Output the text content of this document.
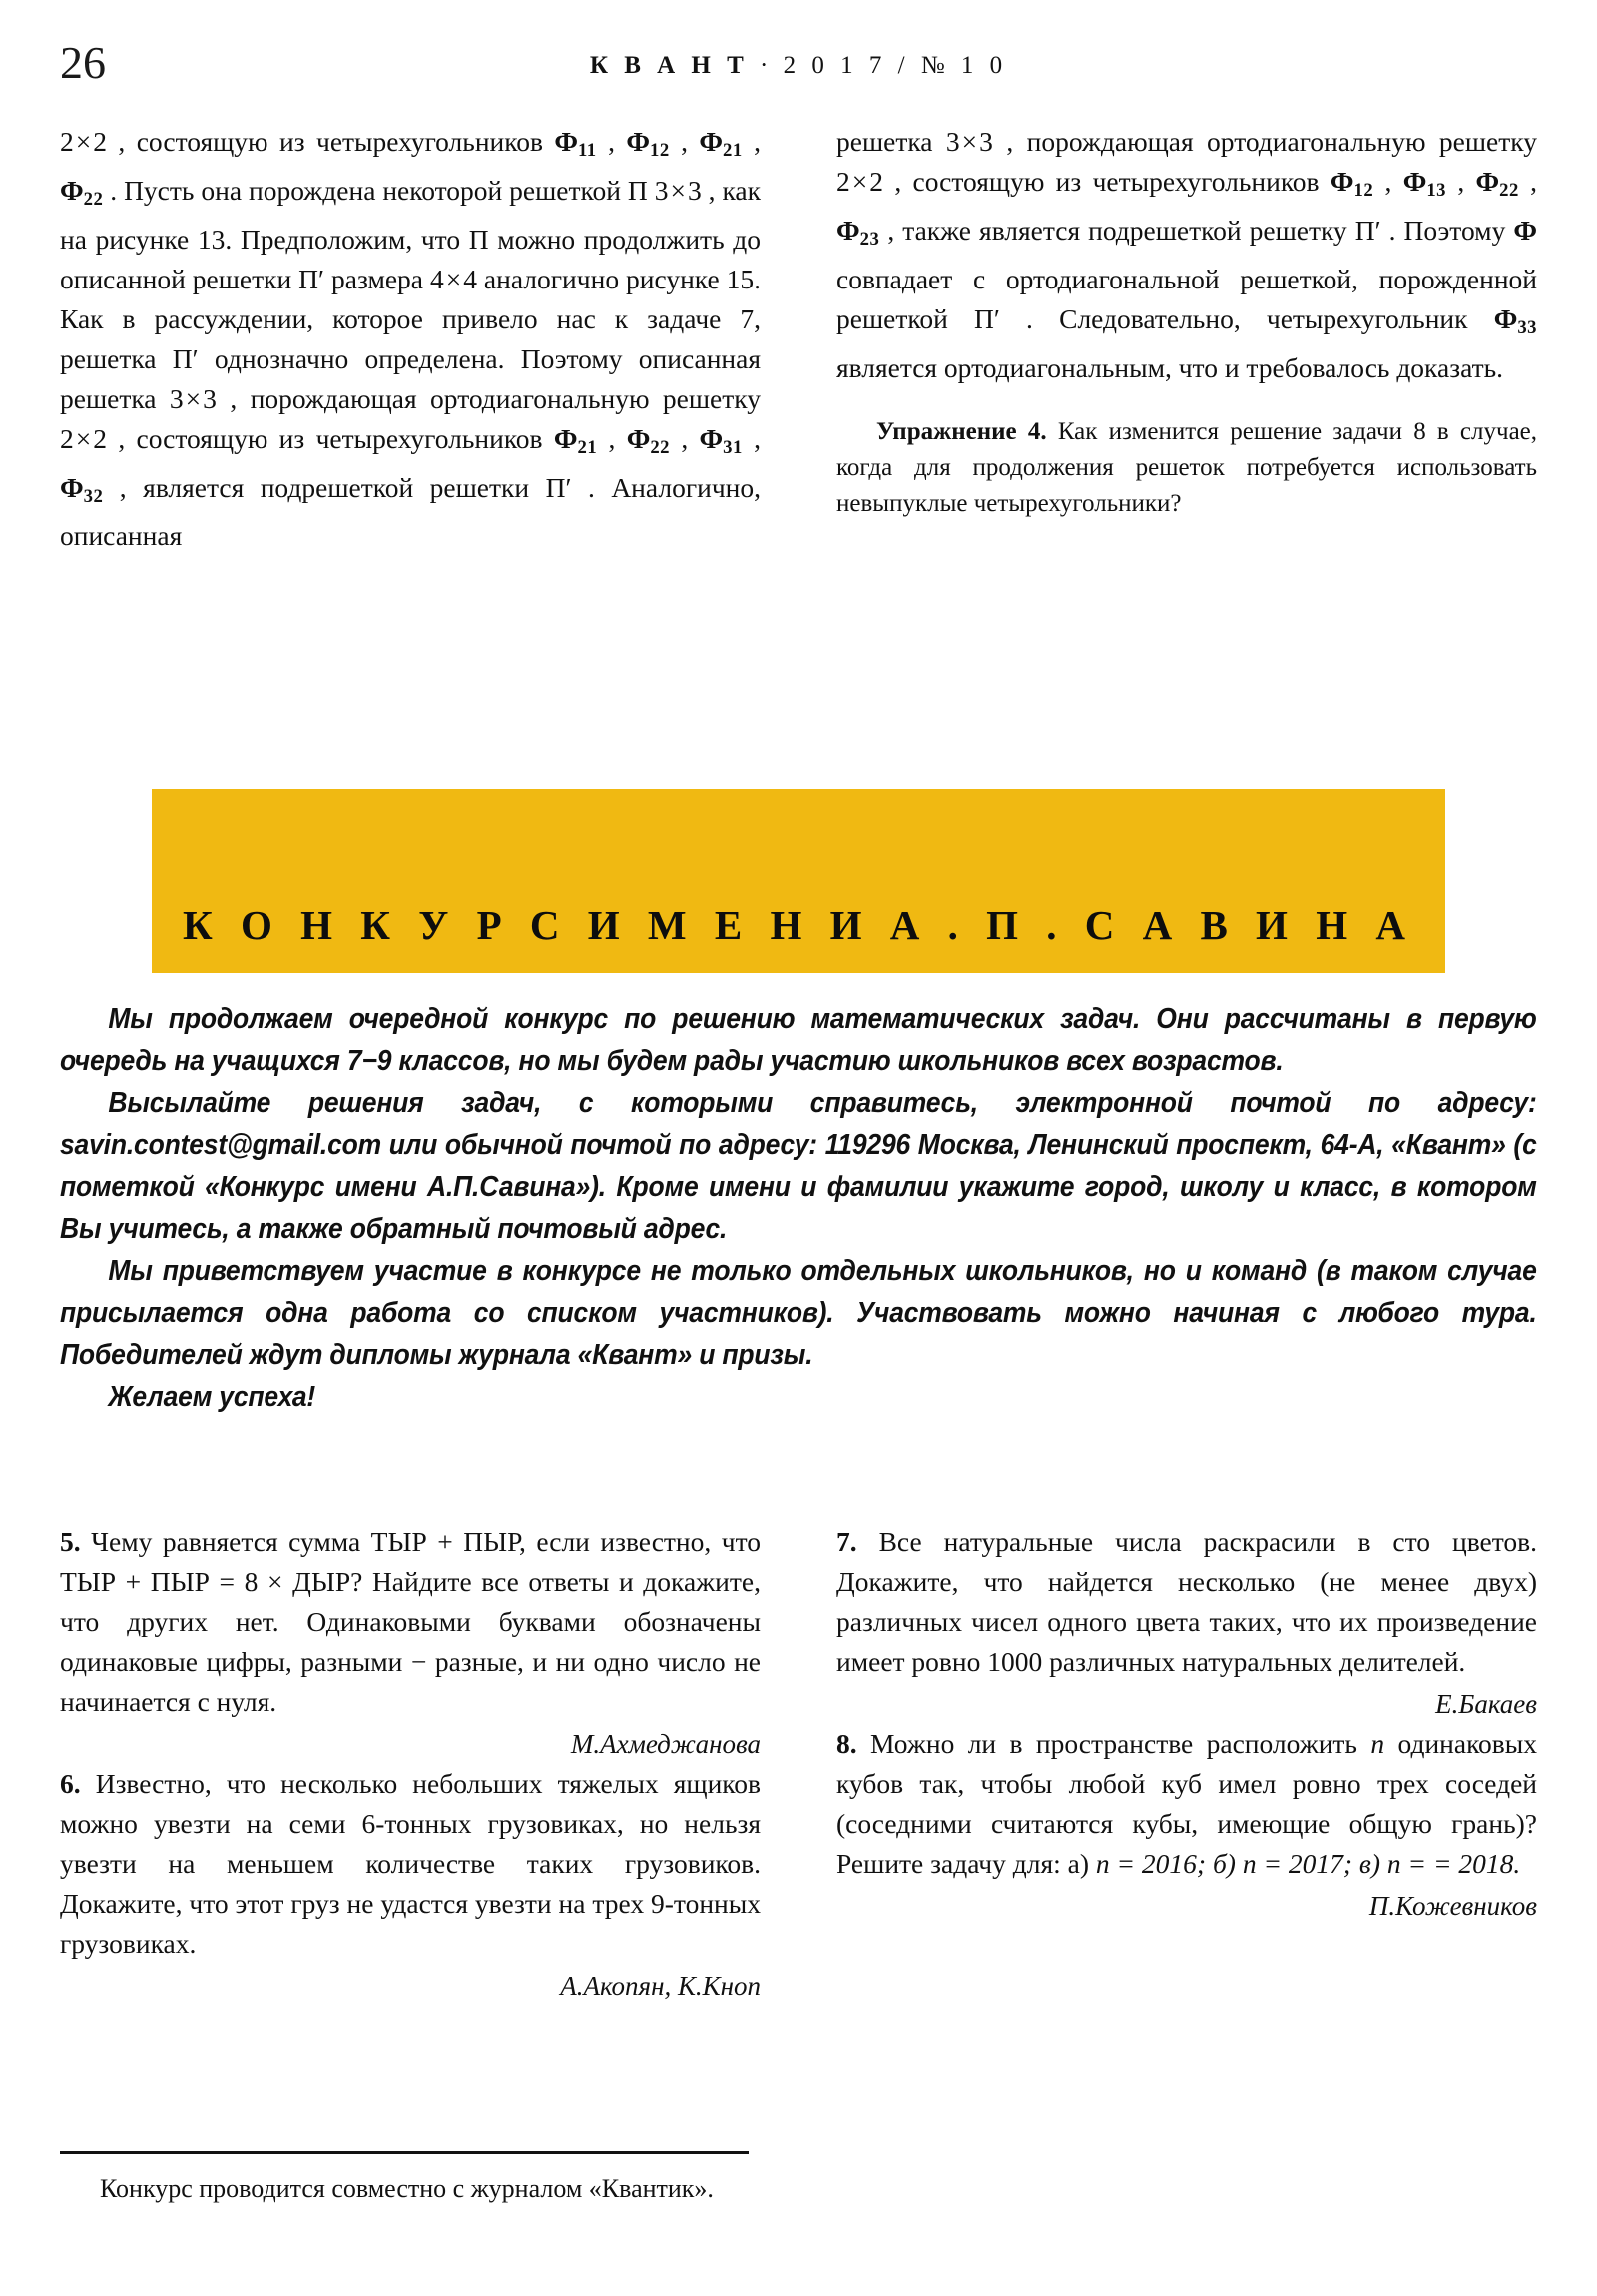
26	К В А Н Т · 2 0 1 7 / № 1 0

2×2 , состоящую из четырехугольников $Ф_{11}$ , $Ф_{12}$ , $Ф_{21}$ , $Ф_{22}$ . Пусть она порождена некоторой решеткой П 3×3 , как на рисунке 13. Предположим, что П можно продолжить до описанной решетки П′ размера 4×4 аналогично рисунке 15. Как в рассуждении, которое привело нас к задаче 7, решетка П′ однозначно определена. Поэтому описанная решетка 3×3 , порождающая ортодиагональную решетку 2×2 , состоящую из четырехугольников $Ф_{21}$ , $Ф_{22}$ , $Ф_{31}$ , $Ф_{32}$ , является подрешеткой решетки П′ . Аналогично, описанная

решетка 3×3 , порождающая ортодиагональную решетку 2×2 , состоящую из четырехугольников $Ф_{12}$ , $Ф_{13}$ , $Ф_{22}$ , $Ф_{23}$ , также является подрешеткой решетку П′ . Поэтому Ф совпадает с ортодиагональной решеткой, порожденной решеткой П′ . Следовательно, четырехугольник $Ф_{33}$ является ортодиагональным, что и требовалось доказать.

Упражнение 4. Как изменится решение задачи 8 в случае, когда для продолжения решеток потребуется использовать невыпуклые четырехугольники?

К О Н К У Р С И М Е Н И А . П . С А В И Н А

Мы продолжаем очередной конкурс по решению математических задач. Они рассчитаны в первую очередь на учащихся 7−9 классов, но мы будем рады участию школьников всех возрастов.

Высылайте решения задач, с которыми справитесь, электронной почтой по адресу: savin.contest@gmail.com или обычной почтой по адресу: 119296 Москва, Ленинский проспект, 64-А, «Квант» (с пометкой «Конкурс имени А.П.Савина»). Кроме имени и фамилии укажите город, школу и класс, в котором Вы учитесь, а также обратный почтовый адрес.

Мы приветствуем участие в конкурсе не только отдельных школьников, но и команд (в таком случае присылается одна работа со списком участников). Участвовать можно начиная с любого тура. Победителей ждут дипломы журнала «Квант» и призы.

Желаем успеха!

5. Чему равняется сумма ТЫР + ПЫР, если известно, что ТЫР + ПЫР = 8 × ДЫР? Найдите все ответы и докажите, что других нет. Одинаковыми буквами обозначены одинаковые цифры, разными − разные, и ни одно число не начинается с нуля.

М.Ахмеджанова

6. Известно, что несколько небольших тяжелых ящиков можно увезти на семи 6-тонных грузовиках, но нельзя увезти на меньшем количестве таких грузовиков. Докажите, что этот груз не удастся увезти на трех 9-тонных грузовиках.

А.Акопян, К.Кноп

7. Все натуральные числа раскрасили в сто цветов. Докажите, что найдется несколько (не менее двух) различных чисел одного цвета таких, что их произведение имеет ровно 1000 различных натуральных делителей.

Е.Бакаев

8. Можно ли в пространстве расположить n одинаковых кубов так, чтобы любой куб имел ровно трех соседей (соседними считаются кубы, имеющие общую грань)? Решите задачу для: а) n = 2016; б) n = 2017; в) n = = 2018.

П.Кожевников

Конкурс проводится совместно с журналом «Квантик».
